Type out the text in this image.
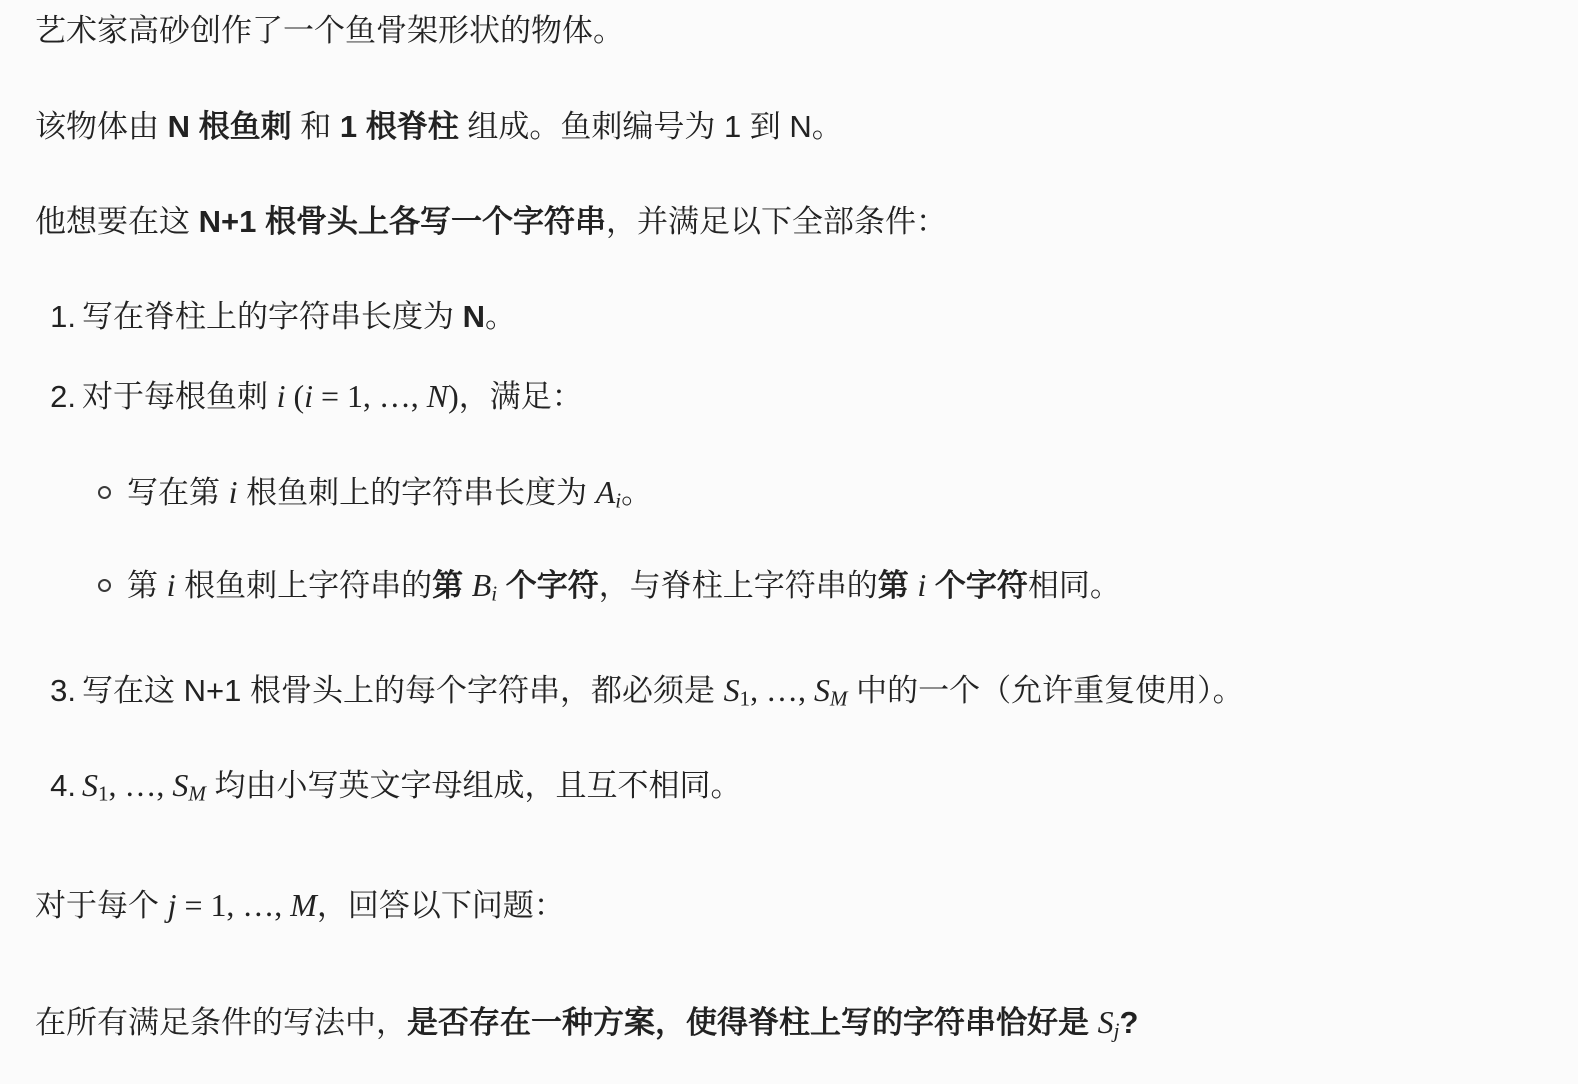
艺术家高砂创作了一个鱼骨架形状的物体。
该物体由 N 根鱼刺 和 1 根脊柱 组成。鱼刺编号为 1 到 N。
他想要在这 N+1 根骨头上各写一个字符串，并满足以下全部条件：
1. 写在脊柱上的字符串长度为 N。
2. 对于每根鱼刺 i (i = 1, …, N)，满足：
写在第 i 根鱼刺上的字符串长度为 $A_i$。
第 i 根鱼刺上字符串的第 $B_i$ 个字符，与脊柱上字符串的第 i 个字符相同。
3. 写在这 N+1 根骨头上的每个字符串，都必须是 $S_1$, …, $S_M$ 中的一个（允许重复使用）。
4. $S_1$, …, $S_M$ 均由小写英文字母组成，且互不相同。
对于每个 j = 1, …, M，回答以下问题：
在所有满足条件的写法中，是否存在一种方案，使得脊柱上写的字符串恰好是 $S_j$?
